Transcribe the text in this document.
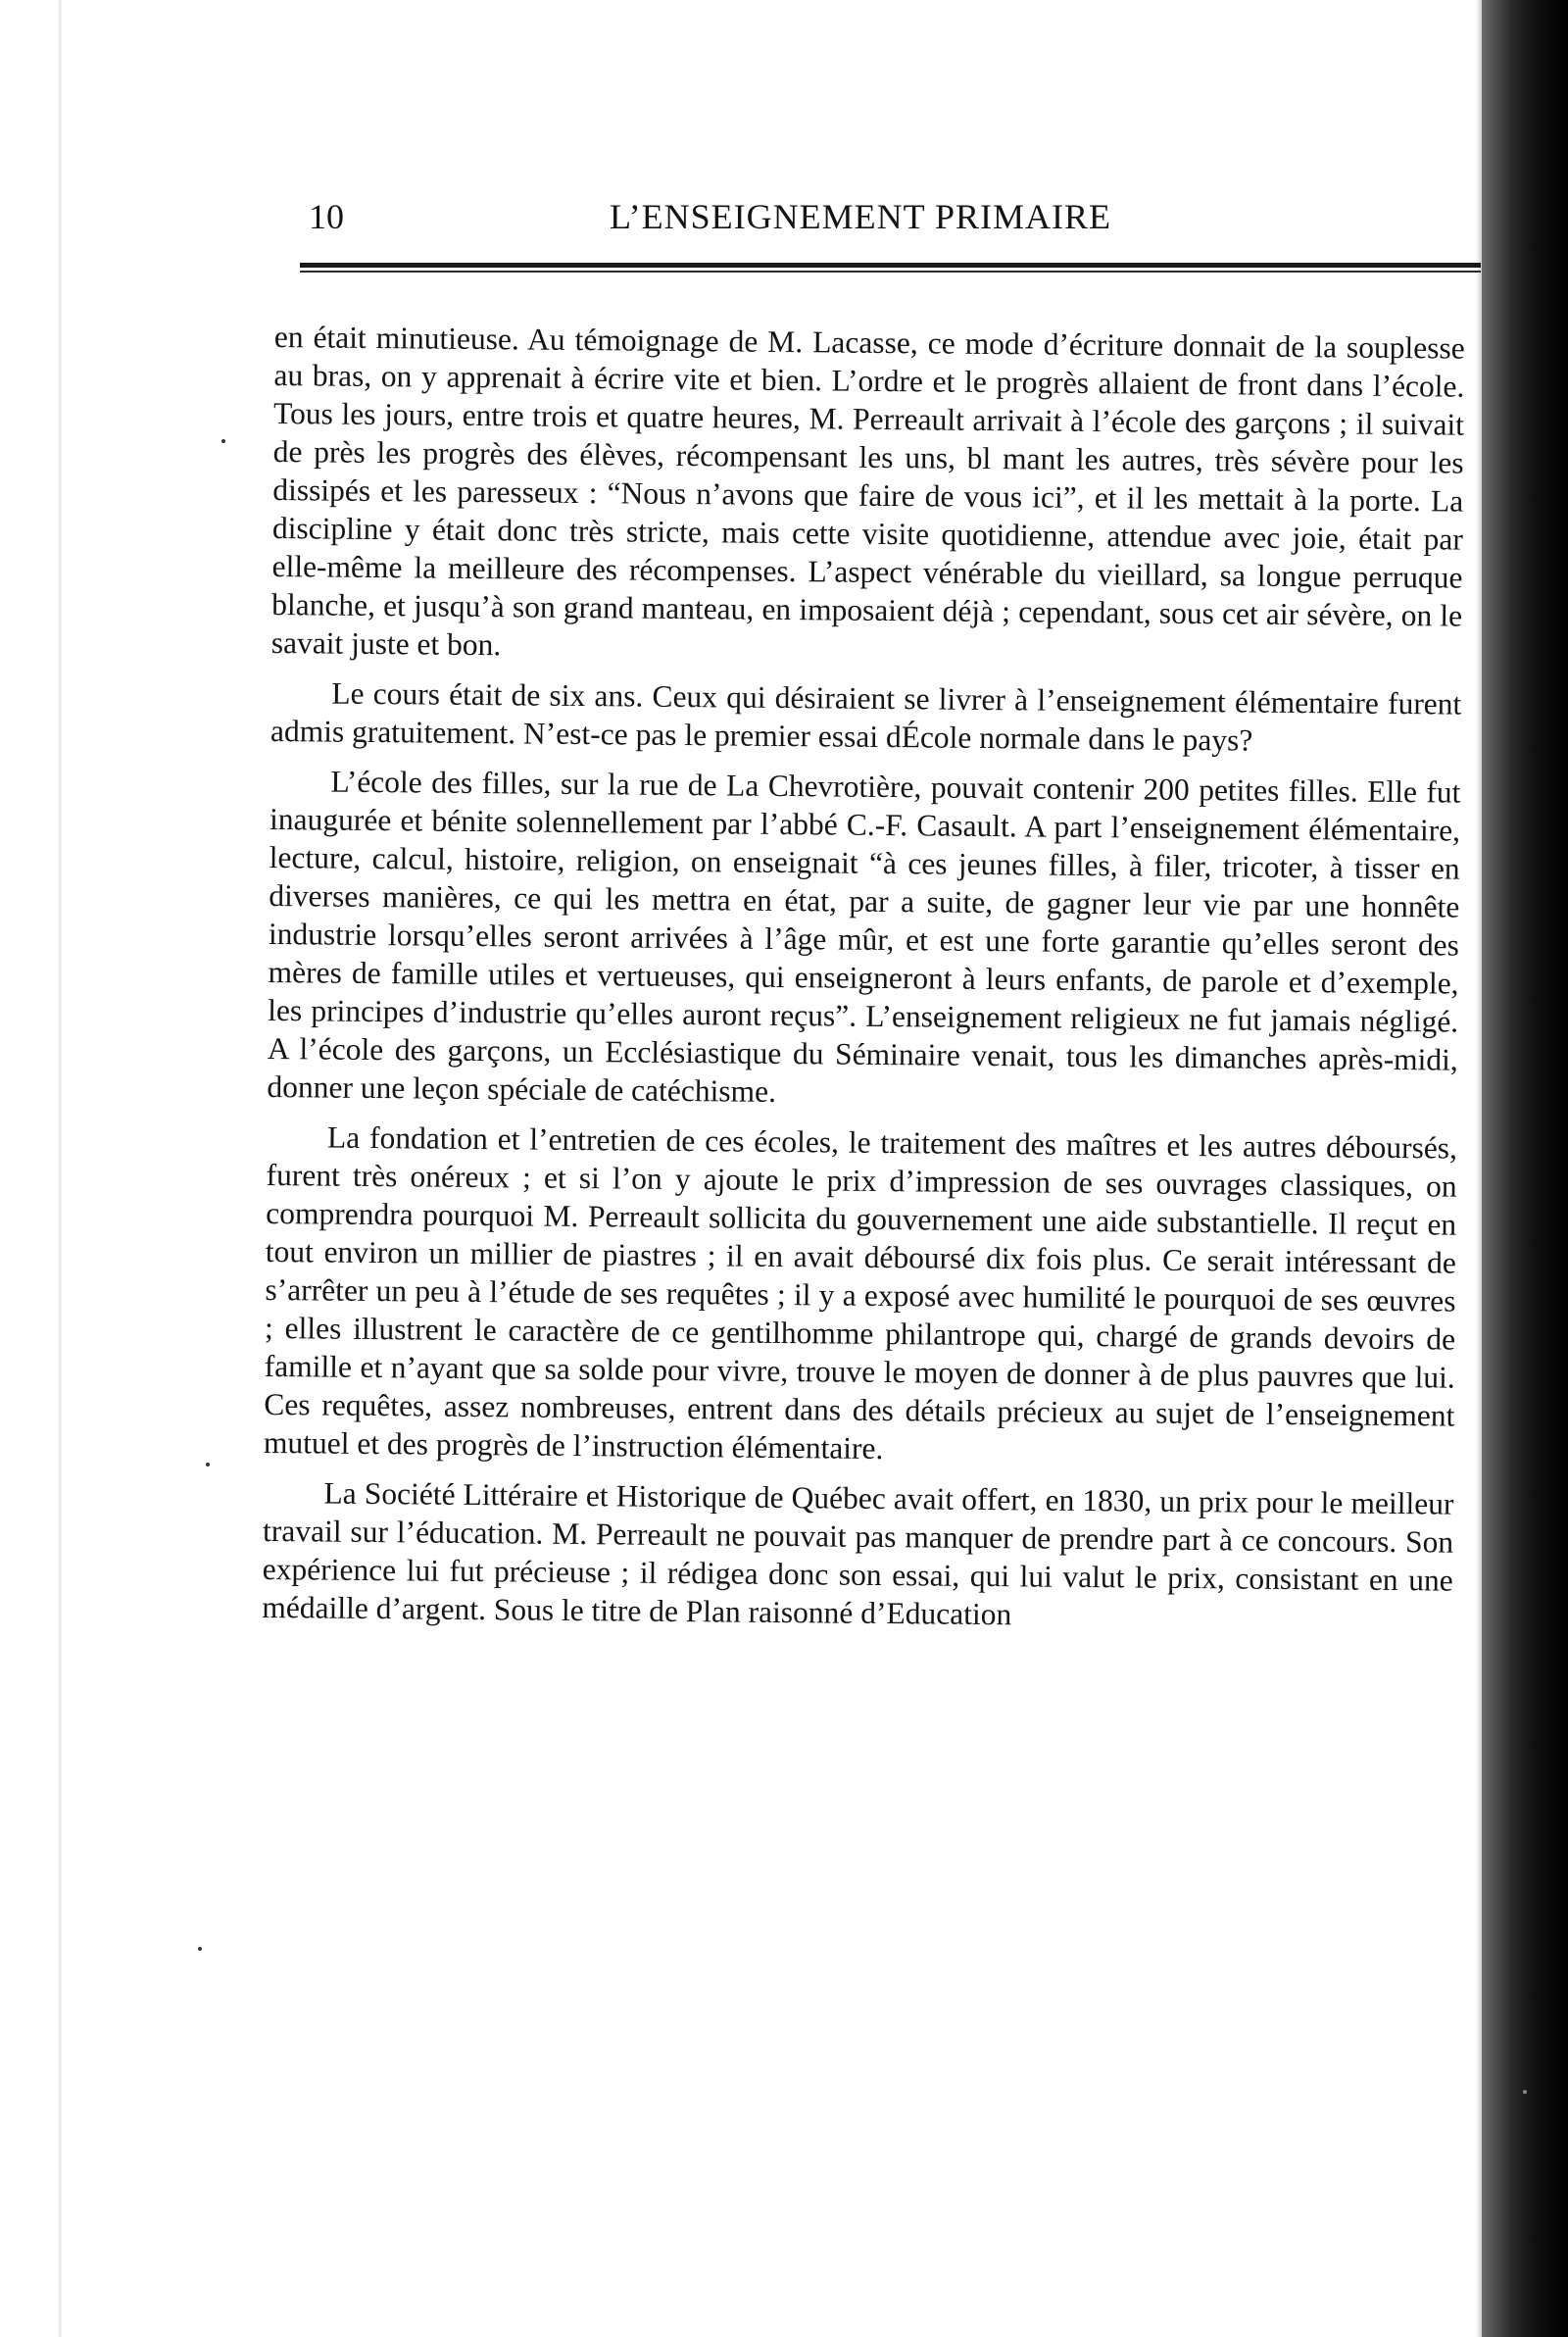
10	L’ENSEIGNEMENT PRIMAIRE

en était minutieuse. Au témoignage de M. Lacasse, ce mode d’écriture donnait de la souplesse au bras, on y apprenait à écrire vite et bien. L’ordre et le progrès allaient de front dans l’école. Tous les jours, entre trois et quatre heures, M. Perreault arrivait à l’école des garçons ; il suivait de près les progrès des élèves, récompensant les uns, bl mant les autres, très sévère pour les dissipés et les paresseux : “Nous n’avons que faire de vous ici”, et il les mettait à la porte. La discipline y était donc très stricte, mais cette visite quotidienne, attendue avec joie, était par elle-même la meilleure des récompenses. L’aspect vénérable du vieillard, sa longue perruque blanche, et jusqu’à son grand manteau, en imposaient déjà ; cependant, sous cet air sévère, on le savait juste et bon.

Le cours était de six ans. Ceux qui désiraient se livrer à l’enseignement élémentaire furent admis gratuitement. N’est-ce pas le premier essai dÉcole normale dans le pays?

L’école des filles, sur la rue de La Chevrotière, pouvait contenir 200 petites filles. Elle fut inaugurée et bénite solennellement par l’abbé C.-F. Casault. A part l’enseignement élémentaire, lecture, calcul, histoire, religion, on enseignait “à ces jeunes filles, à filer, tricoter, à tisser en diverses manières, ce qui les mettra en état, par a suite, de gagner leur vie par une honnête industrie lorsqu’elles seront arrivées à l’âge mûr, et est une forte garantie qu’elles seront des mères de famille utiles et vertueuses, qui enseigneront à leurs enfants, de parole et d’exemple, les principes d’industrie qu’elles auront reçus”. L’enseignement religieux ne fut jamais négligé. A l’école des garçons, un Ecclésiastique du Séminaire venait, tous les dimanches après-midi, donner une leçon spéciale de catéchisme.

La fondation et l’entretien de ces écoles, le traitement des maîtres et les autres déboursés, furent très onéreux ; et si l’on y ajoute le prix d’impression de ses ouvrages classiques, on comprendra pourquoi M. Perreault sollicita du gouvernement une aide substantielle. Il reçut en tout environ un millier de piastres ; il en avait déboursé dix fois plus. Ce serait intéressant de s’arrêter un peu à l’étude de ses requêtes ; il y a exposé avec humilité le pourquoi de ses œuvres ; elles illustrent le caractère de ce gentilhomme philantrope qui, chargé de grands devoirs de famille et n’ayant que sa solde pour vivre, trouve le moyen de donner à de plus pauvres que lui. Ces requêtes, assez nombreuses, entrent dans des détails précieux au sujet de l’enseignement mutuel et des progrès de l’instruction élémentaire.

La Société Littéraire et Historique de Québec avait offert, en 1830, un prix pour le meilleur travail sur l’éducation. M. Perreault ne pouvait pas manquer de prendre part à ce concours. Son expérience lui fut précieuse ; il rédigea donc son essai, qui lui valut le prix, consistant en une médaille d’argent. Sous le titre de Plan raisonné d’Education
